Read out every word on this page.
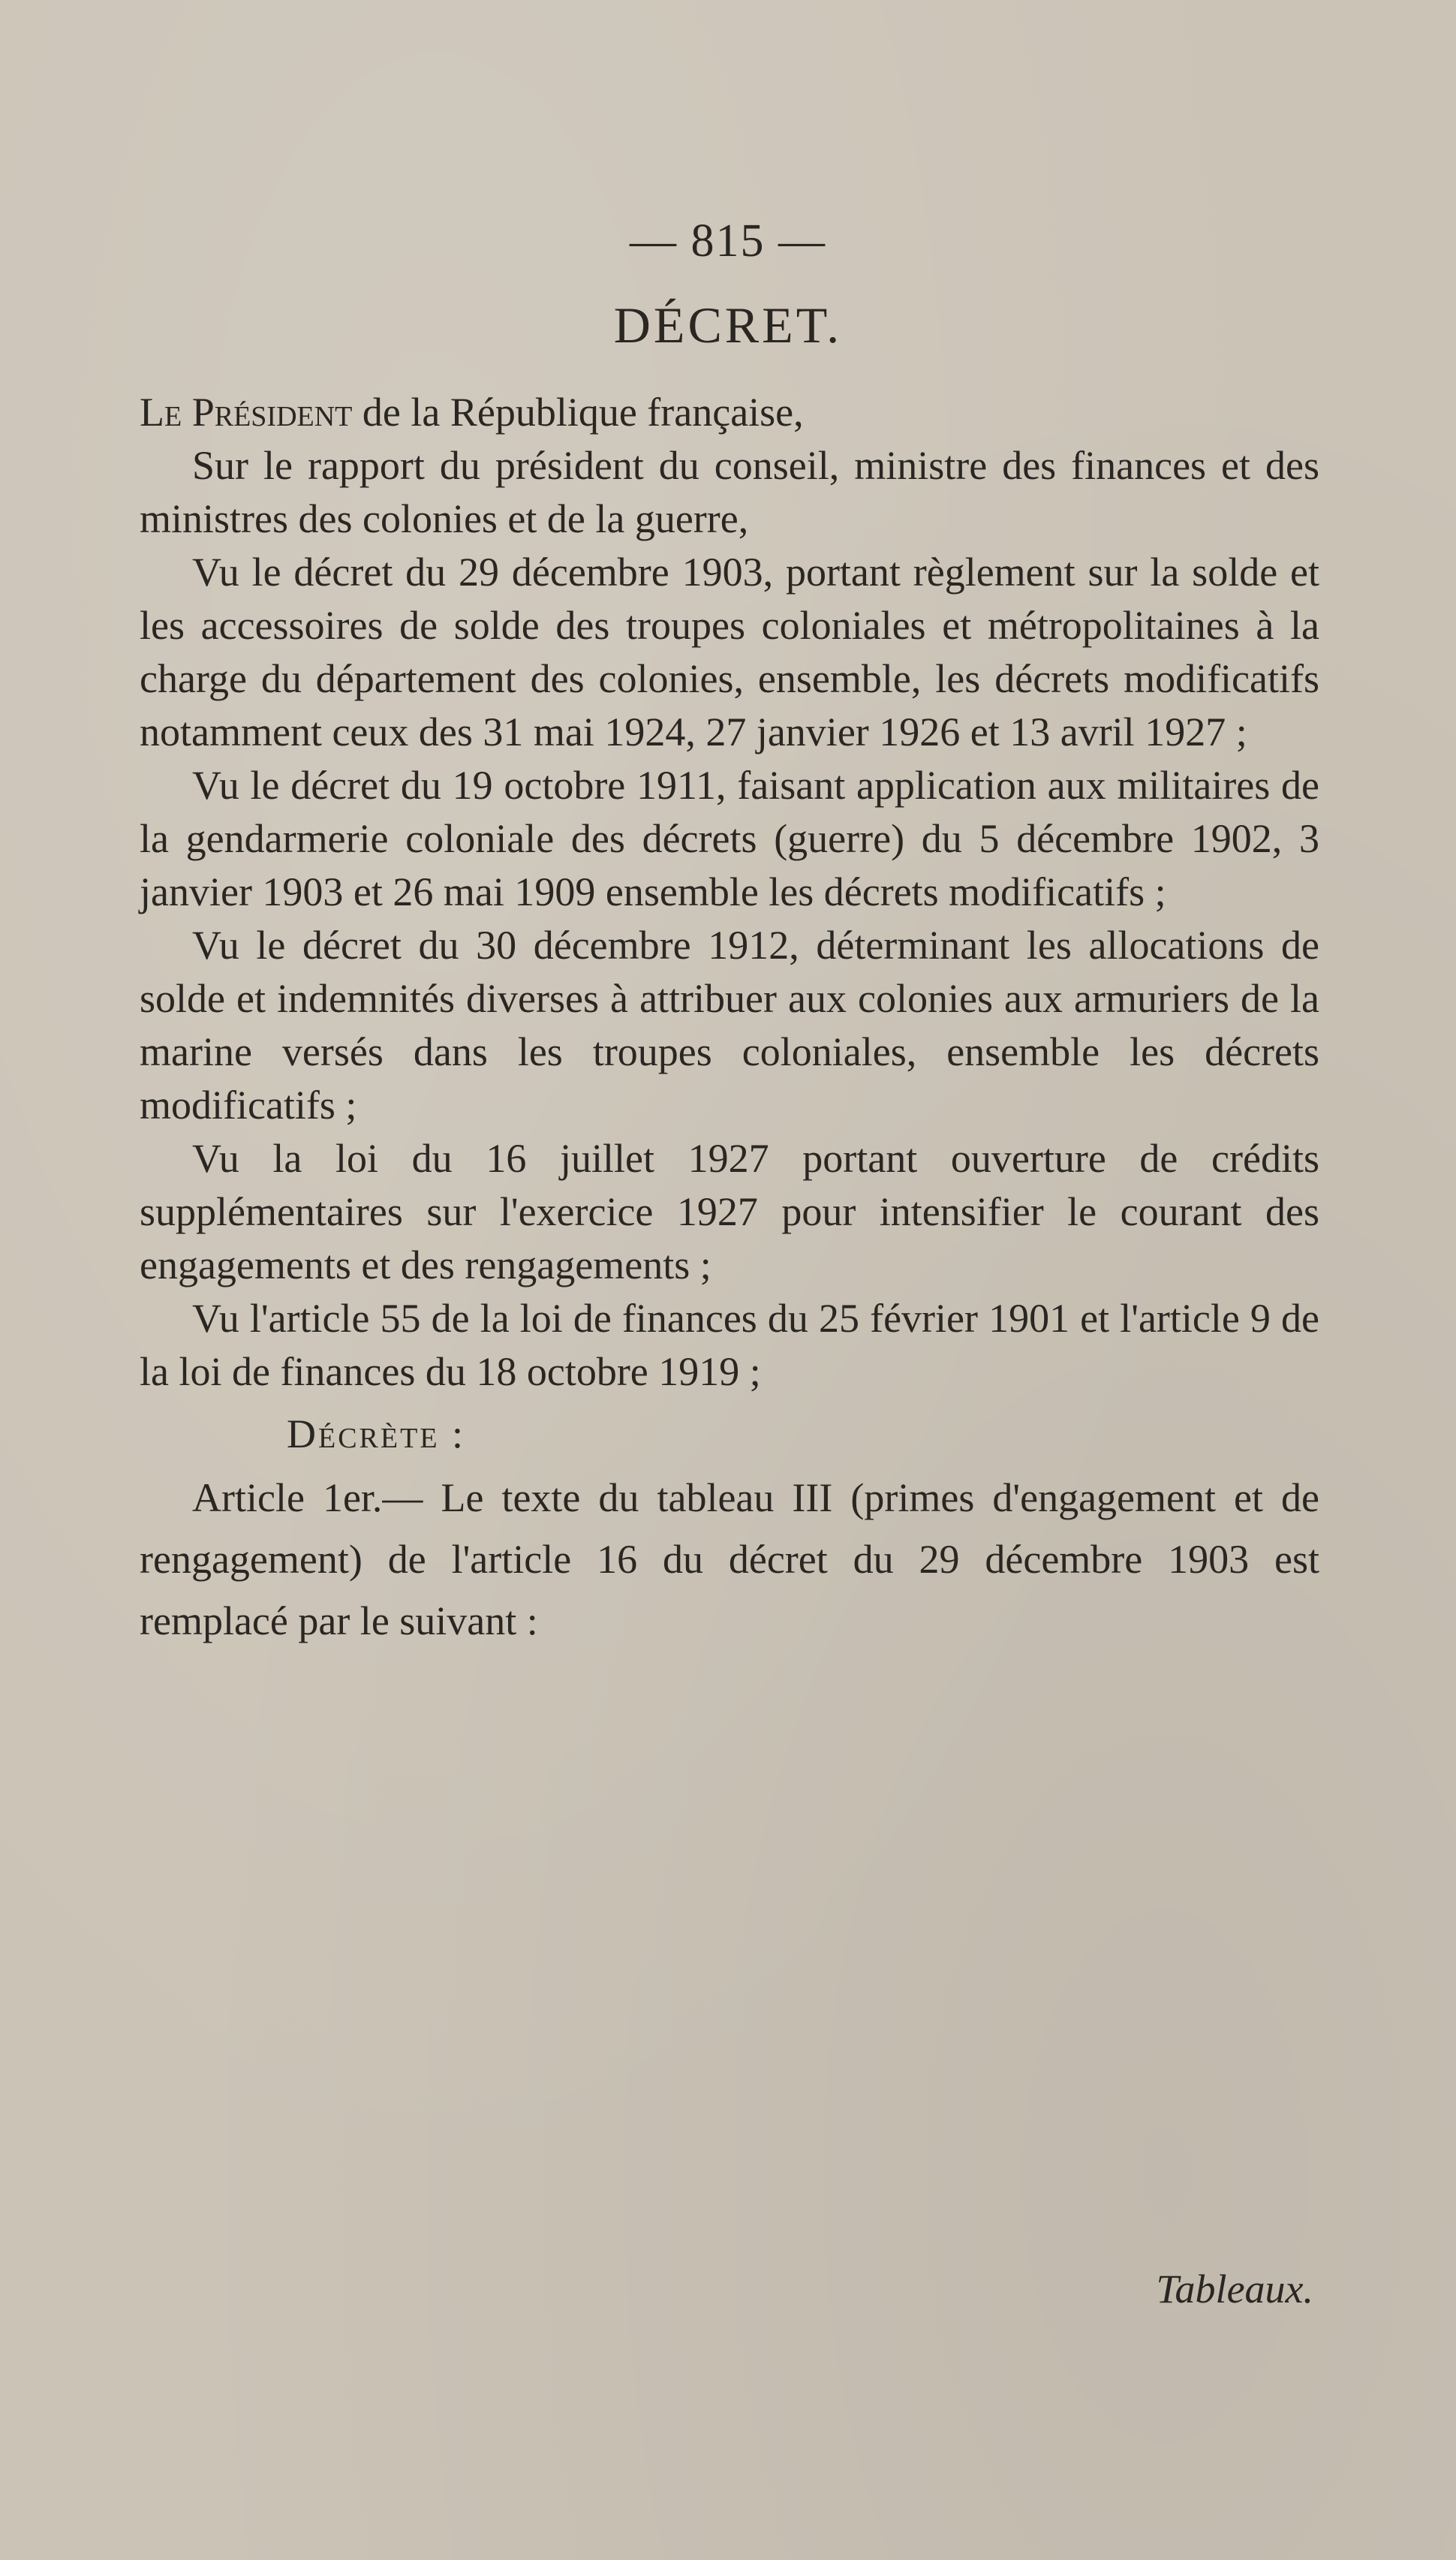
— 815 —
DÉCRET.

Le Président de la République française,

Sur le rapport du président du conseil, ministre des finances et des ministres des colonies et de la guerre,

Vu le décret du 29 décembre 1903, portant règlement sur la solde et les accessoires de solde des troupes coloniales et métropolitaines à la charge du département des colonies, ensemble, les décrets modificatifs notamment ceux des 31 mai 1924, 27 janvier 1926 et 13 avril 1927 ;

Vu le décret du 19 octobre 1911, faisant application aux militaires de la gendarmerie coloniale des décrets (guerre) du 5 décembre 1902, 3 janvier 1903 et 26 mai 1909 ensemble les décrets modificatifs ;

Vu le décret du 30 décembre 1912, déterminant les allocations de solde et indemnités diverses à attribuer aux colonies aux armuriers de la marine versés dans les troupes coloniales, ensemble les décrets modificatifs ;

Vu la loi du 16 juillet 1927 portant ouverture de crédits supplémentaires sur l'exercice 1927 pour intensifier le courant des engagements et des rengagements ;

Vu l'article 55 de la loi de finances du 25 février 1901 et l'article 9 de la loi de finances du 18 octobre 1919 ;

Décrète :

Article 1er.— Le texte du tableau III (primes d'engagement et de rengagement) de l'article 16 du décret du 29 décembre 1903 est remplacé par le suivant :

Tableaux.
